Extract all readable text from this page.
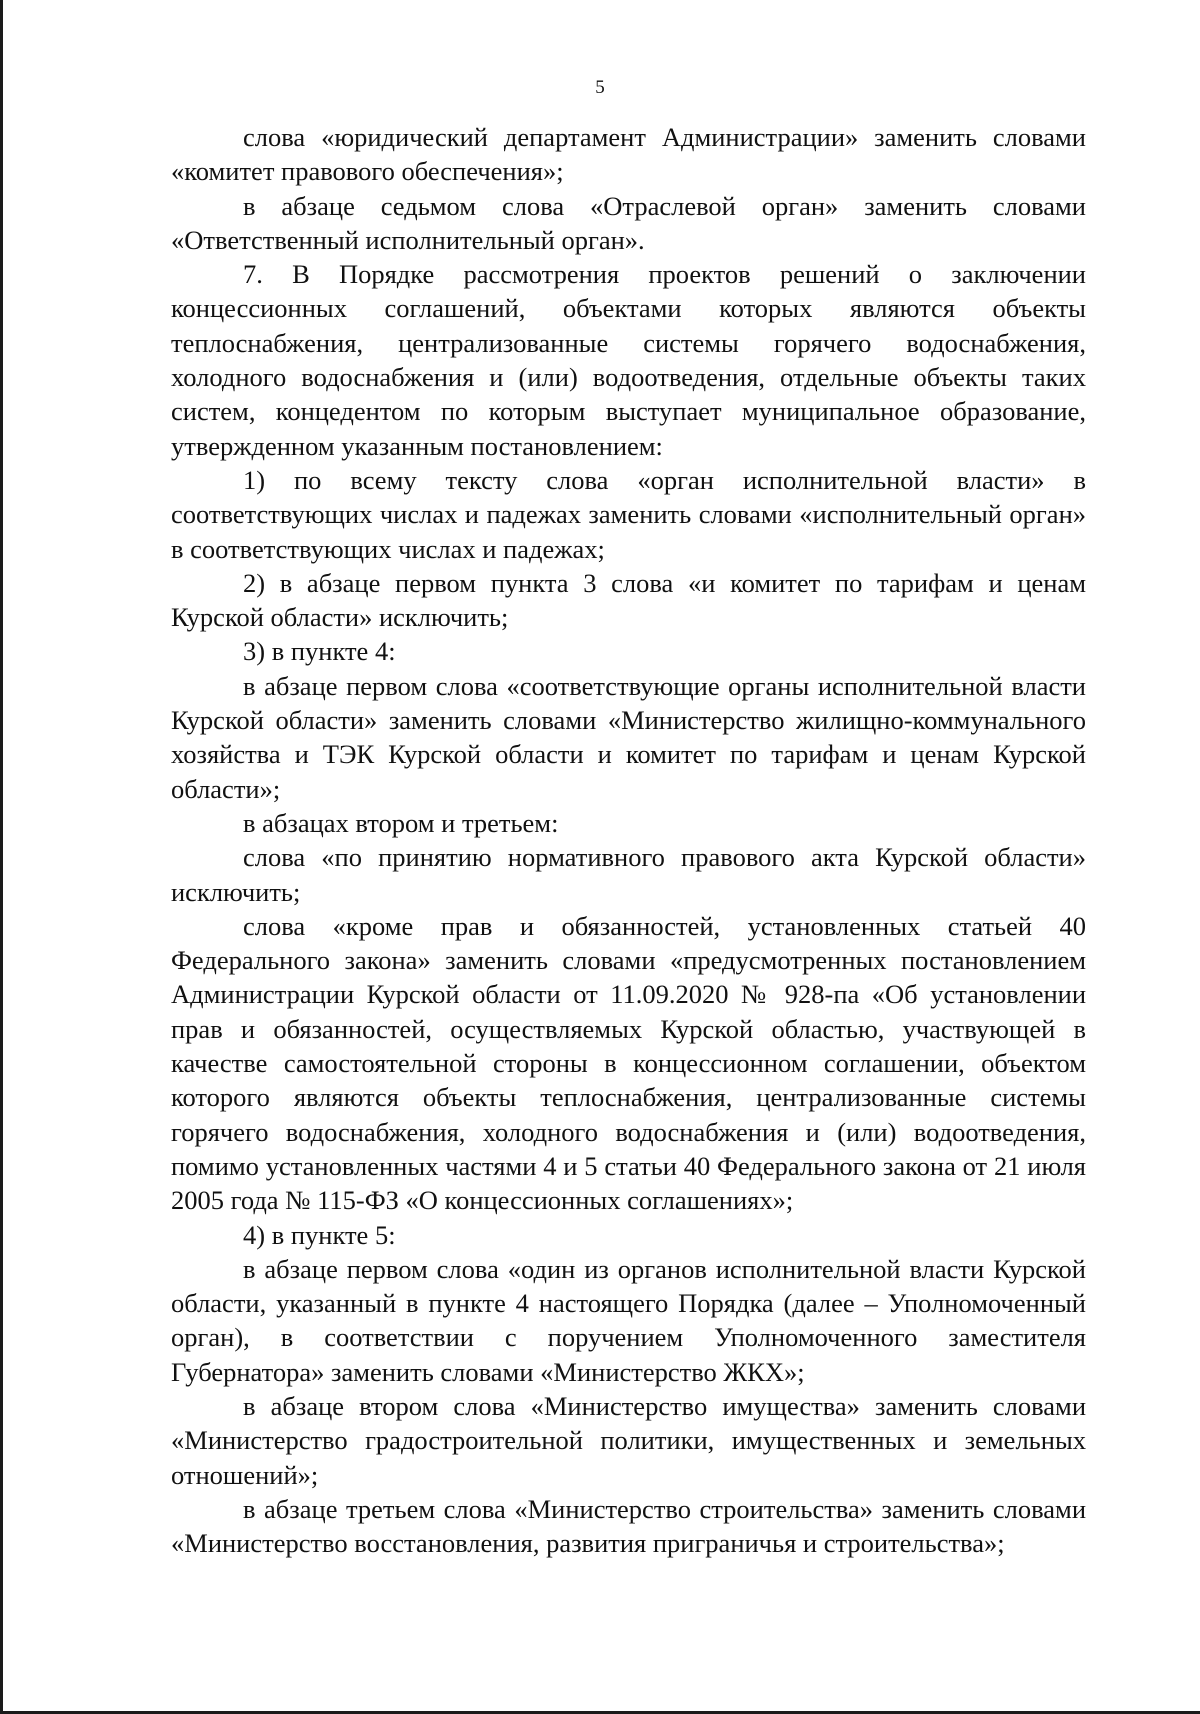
5

слова «юридический департамент Администрации» заменить словами «комитет правового обеспечения»;

в абзаце седьмом слова «Отраслевой орган» заменить словами «Ответственный исполнительный орган».

7. В Порядке рассмотрения проектов решений о заключении концессионных соглашений, объектами которых являются объекты теплоснабжения, централизованные системы горячего водоснабжения, холодного водоснабжения и (или) водоотведения, отдельные объекты таких систем, концедентом по которым выступает муниципальное образование, утвержденном указанным постановлением:

1) по всему тексту слова «орган исполнительной власти» в соответствующих числах и падежах заменить словами «исполнительный орган» в соответствующих числах и падежах;

2) в абзаце первом пункта 3 слова «и комитет по тарифам и ценам Курской области» исключить;

3) в пункте 4:

в абзаце первом слова «соответствующие органы исполнительной власти Курской области» заменить словами «Министерство жилищно-коммунального хозяйства и ТЭК Курской области и комитет по тарифам и ценам Курской области»;

в абзацах втором и третьем:

слова «по принятию нормативного правового акта Курской области» исключить;

слова «кроме прав и обязанностей, установленных статьей 40 Федерального закона» заменить словами «предусмотренных постановлением Администрации Курской области от 11.09.2020 № 928-па «Об установлении прав и обязанностей, осуществляемых Курской областью, участвующей в качестве самостоятельной стороны в концессионном соглашении, объектом которого являются объекты теплоснабжения, централизованные системы горячего водоснабжения, холодного водоснабжения и (или) водоотведения, помимо установленных частями 4 и 5 статьи 40 Федерального закона от 21 июля 2005 года № 115-ФЗ «О концессионных соглашениях»;

4) в пункте 5:

в абзаце первом слова «один из органов исполнительной власти Курской области, указанный в пункте 4 настоящего Порядка (далее – Уполномоченный орган), в соответствии с поручением Уполномоченного заместителя Губернатора» заменить словами «Министерство ЖКХ»;

в абзаце втором слова «Министерство имущества» заменить словами «Министерство градостроительной политики, имущественных и земельных отношений»;

в абзаце третьем слова «Министерство строительства» заменить словами «Министерство восстановления, развития приграничья и строительства»;
